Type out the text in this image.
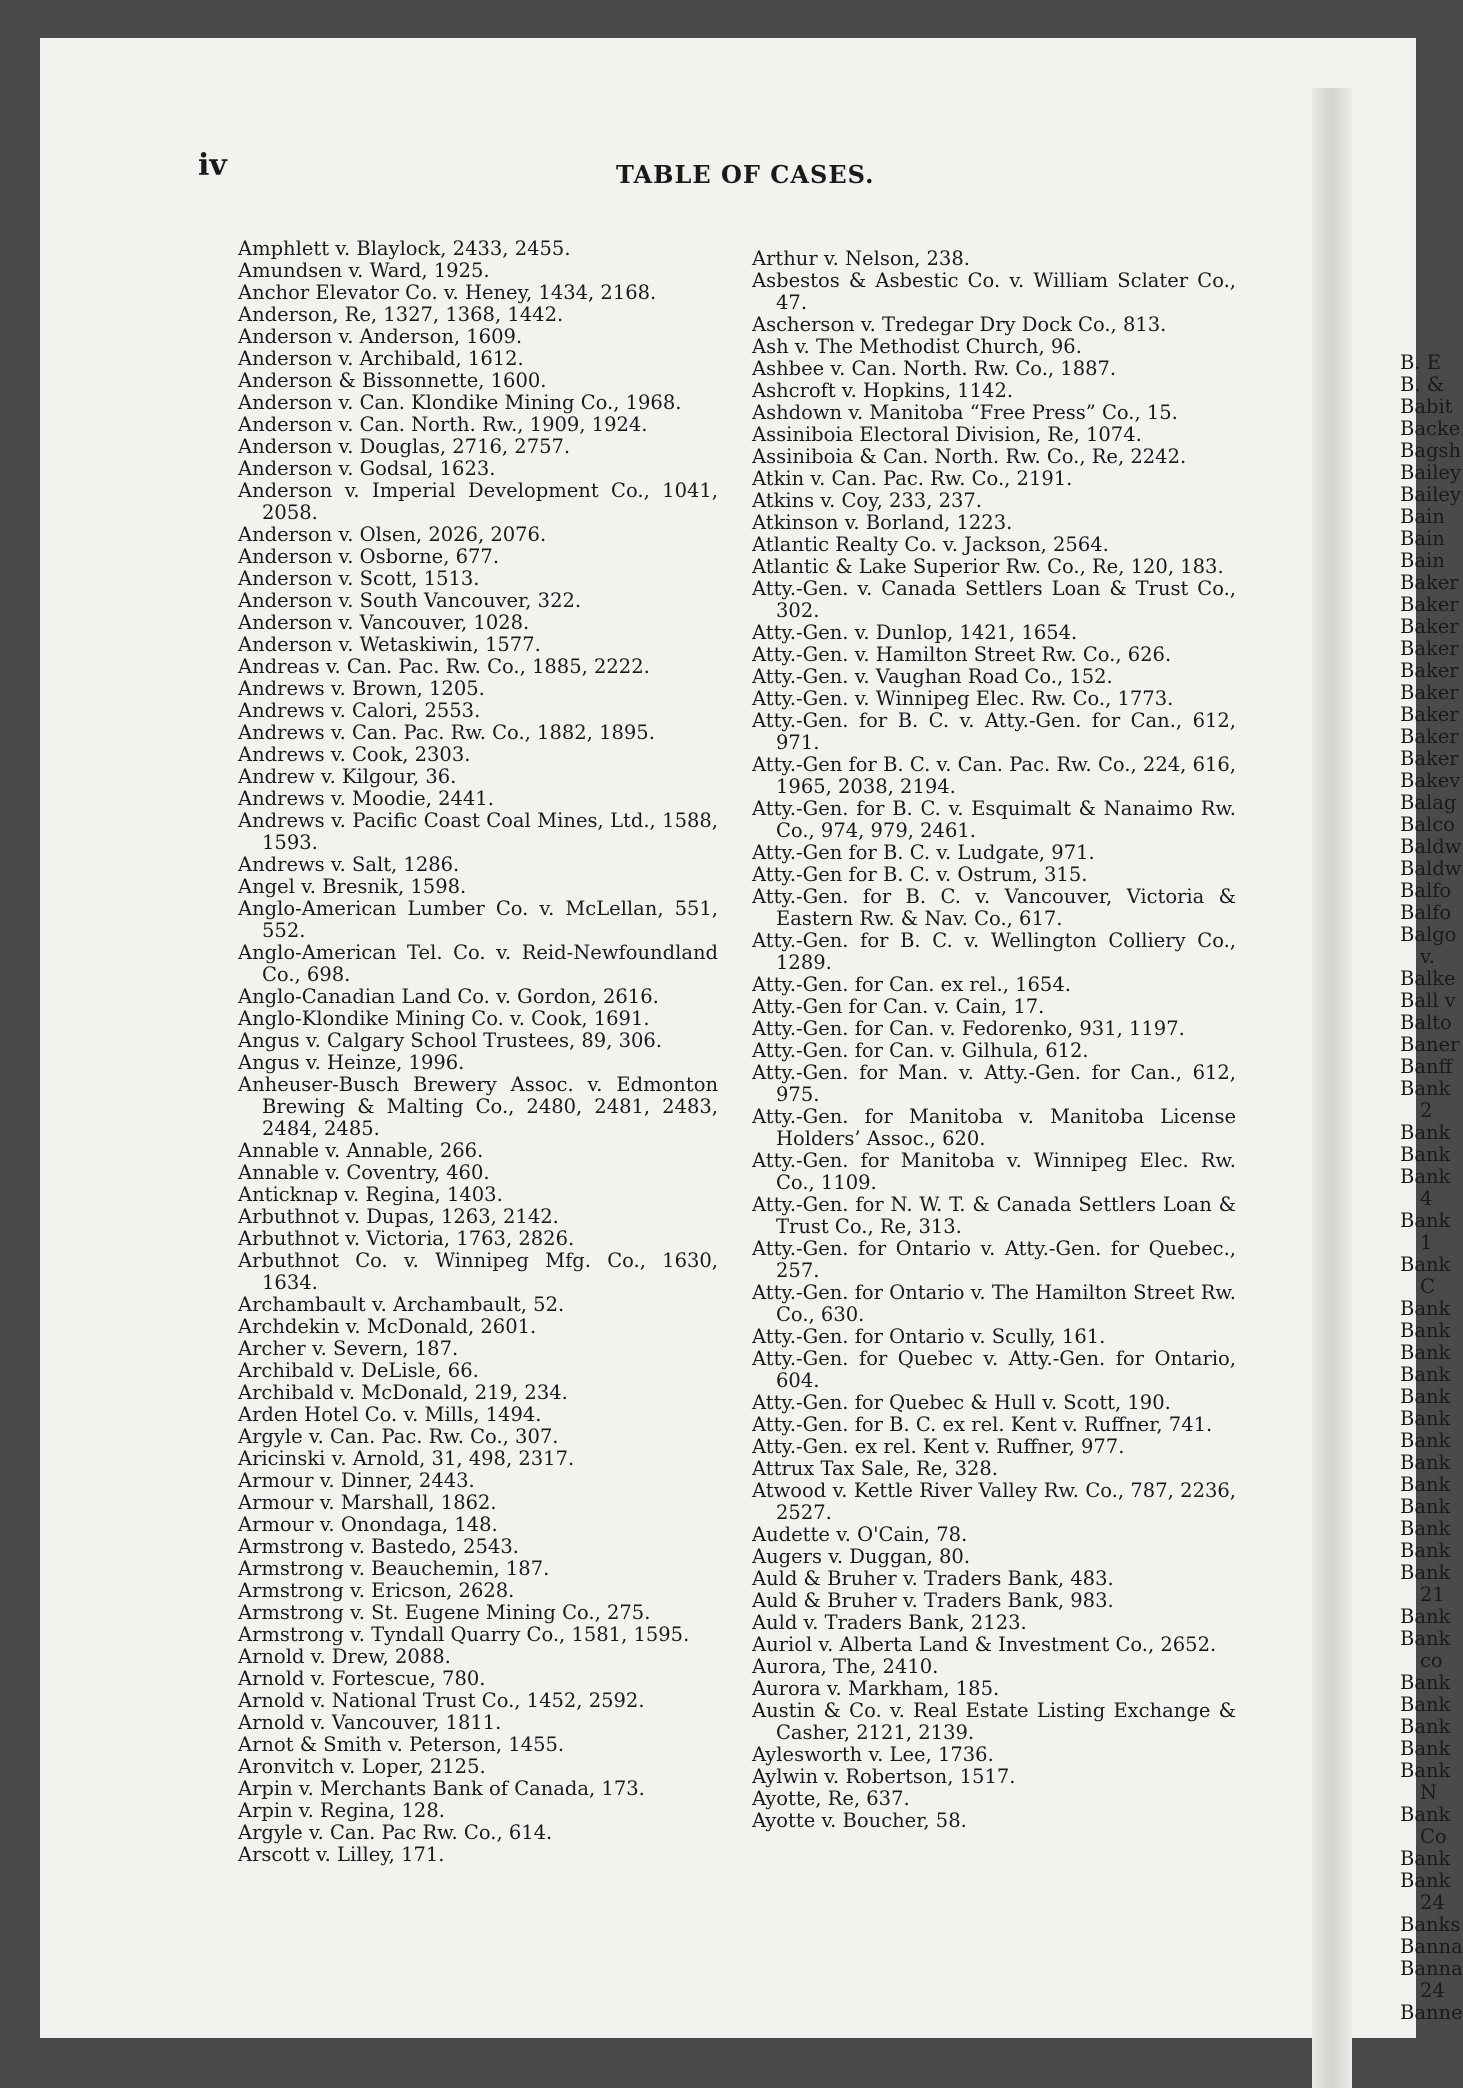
iv	TABLE OF CASES.

Amphlett v. Blaylock, 2433, 2455.

Amundsen v. Ward, 1925.

Anchor Elevator Co. v. Heney, 1434, 2168.

Anderson, Re, 1327, 1368, 1442.

Anderson v. Anderson, 1609.

Anderson v. Archibald, 1612.

Anderson & Bissonnette, 1600.

Anderson v. Can. Klondike Mining Co., 1968.

Anderson v. Can. North. Rw., 1909, 1924.

Anderson v. Douglas, 2716, 2757.

Anderson v. Godsal, 1623.

Anderson v. Imperial Development Co., 1041, 2058.

Anderson v. Olsen, 2026, 2076.

Anderson v. Osborne, 677.

Anderson v. Scott, 1513.

Anderson v. South Vancouver, 322.

Anderson v. Vancouver, 1028.

Anderson v. Wetaskiwin, 1577.

Andreas v. Can. Pac. Rw. Co., 1885, 2222.

Andrews v. Brown, 1205.

Andrews v. Calori, 2553.

Andrews v. Can. Pac. Rw. Co., 1882, 1895.

Andrews v. Cook, 2303.

Andrew v. Kilgour, 36.

Andrews v. Moodie, 2441.

Andrews v. Pacific Coast Coal Mines, Ltd., 1588, 1593.

Andrews v. Salt, 1286.

Angel v. Bresnik, 1598.

Anglo-American Lumber Co. v. McLellan, 551, 552.

Anglo-American Tel. Co. v. Reid-Newfoundland Co., 698.

Anglo-Canadian Land Co. v. Gordon, 2616.

Anglo-Klondike Mining Co. v. Cook, 1691.

Angus v. Calgary School Trustees, 89, 306.

Angus v. Heinze, 1996.

Anheuser-Busch Brewery Assoc. v. Edmonton Brewing & Malting Co., 2480, 2481, 2483, 2484, 2485.

Annable v. Annable, 266.

Annable v. Coventry, 460.

Anticknap v. Regina, 1403.

Arbuthnot v. Dupas, 1263, 2142.

Arbuthnot v. Victoria, 1763, 2826.

Arbuthnot Co. v. Winnipeg Mfg. Co., 1630, 1634.

Archambault v. Archambault, 52.

Archdekin v. McDonald, 2601.

Archer v. Severn, 187.

Archibald v. DeLisle, 66.

Archibald v. McDonald, 219, 234.

Arden Hotel Co. v. Mills, 1494.

Argyle v. Can. Pac. Rw. Co., 307.

Aricinski v. Arnold, 31, 498, 2317.

Armour v. Dinner, 2443.

Armour v. Marshall, 1862.

Armour v. Onondaga, 148.

Armstrong v. Bastedo, 2543.

Armstrong v. Beauchemin, 187.

Armstrong v. Ericson, 2628.

Armstrong v. St. Eugene Mining Co., 275.

Armstrong v. Tyndall Quarry Co., 1581, 1595.

Arnold v. Drew, 2088.

Arnold v. Fortescue, 780.

Arnold v. National Trust Co., 1452, 2592.

Arnold v. Vancouver, 1811.

Arnot & Smith v. Peterson, 1455.

Aronvitch v. Loper, 2125.

Arpin v. Merchants Bank of Canada, 173.

Arpin v. Regina, 128.

Argyle v. Can. Pac Rw. Co., 614.

Arscott v. Lilley, 171.

Arthur v. Nelson, 238.

Asbestos & Asbestic Co. v. William Sclater Co., 47.

Ascherson v. Tredegar Dry Dock Co., 813.

Ash v. The Methodist Church, 96.

Ashbee v. Can. North. Rw. Co., 1887.

Ashcroft v. Hopkins, 1142.

Ashdown v. Manitoba “Free Press” Co., 15.

Assiniboia Electoral Division, Re, 1074.

Assiniboia & Can. North. Rw. Co., Re, 2242.

Atkin v. Can. Pac. Rw. Co., 2191.

Atkins v. Coy, 233, 237.

Atkinson v. Borland, 1223.

Atlantic Realty Co. v. Jackson, 2564.

Atlantic & Lake Superior Rw. Co., Re, 120, 183.

Atty.-Gen. v. Canada Settlers Loan & Trust Co., 302.

Atty.-Gen. v. Dunlop, 1421, 1654.

Atty.-Gen. v. Hamilton Street Rw. Co., 626.

Atty.-Gen. v. Vaughan Road Co., 152.

Atty.-Gen. v. Winnipeg Elec. Rw. Co., 1773.

Atty.-Gen. for B. C. v. Atty.-Gen. for Can., 612, 971.

Atty.-Gen for B. C. v. Can. Pac. Rw. Co., 224, 616, 1965, 2038, 2194.

Atty.-Gen. for B. C. v. Esquimalt & Nanaimo Rw. Co., 974, 979, 2461.

Atty.-Gen for B. C. v. Ludgate, 971.

Atty.-Gen for B. C. v. Ostrum, 315.

Atty.-Gen. for B. C. v. Vancouver, Victoria & Eastern Rw. & Nav. Co., 617.

Atty.-Gen. for B. C. v. Wellington Colliery Co., 1289.

Atty.-Gen. for Can. ex rel., 1654.

Atty.-Gen for Can. v. Cain, 17.

Atty.-Gen. for Can. v. Fedorenko, 931, 1197.

Atty.-Gen. for Can. v. Gilhula, 612.

Atty.-Gen. for Man. v. Atty.-Gen. for Can., 612, 975.

Atty.-Gen. for Manitoba v. Manitoba License Holders’ Assoc., 620.

Atty.-Gen. for Manitoba v. Winnipeg Elec. Rw. Co., 1109.

Atty.-Gen. for N. W. T. & Canada Settlers Loan & Trust Co., Re, 313.

Atty.-Gen. for Ontario v. Atty.-Gen. for Quebec., 257.

Atty.-Gen. for Ontario v. The Hamilton Street Rw. Co., 630.

Atty.-Gen. for Ontario v. Scully, 161.

Atty.-Gen. for Quebec v. Atty.-Gen. for Ontario, 604.

Atty.-Gen. for Quebec & Hull v. Scott, 190.

Atty.-Gen. for B. C. ex rel. Kent v. Ruffner, 741.

Atty.-Gen. ex rel. Kent v. Ruffner, 977.

Attrux Tax Sale, Re, 328.

Atwood v. Kettle River Valley Rw. Co., 787, 2236, 2527.

Audette v. O'Cain, 78.

Augers v. Duggan, 80.

Auld & Bruher v. Traders Bank, 483.

Auld & Bruher v. Traders Bank, 983.

Auld v. Traders Bank, 2123.

Auriol v. Alberta Land & Investment Co., 2652.

Aurora, The, 2410.

Aurora v. Markham, 185.

Austin & Co. v. Real Estate Listing Exchange & Casher, 2121, 2139.

Aylesworth v. Lee, 1736.

Aylwin v. Robertson, 1517.

Ayotte, Re, 637.

Ayotte v. Boucher, 58.

B. E

B. &

Babit

Backe

Bagsh

Bailey

Bailey

Bain

Bain

Bain

Baker

Baker

Baker

Baker

Baker

Baker

Baker

Baker

Baker

Bakev

Balag

Balco

Baldw

Baldw

Balfo

Balfo

Balgo

v.

Balke

Ball v

Balto

Baner

Banff

Bank

2

Bank

Bank

Bank

4

Bank

1

Bank

C

Bank

Bank

Bank

Bank

Bank

Bank

Bank

Bank

Bank

Bank

Bank

Bank

Bank

21

Bank

Bank

co

Bank

Bank

Bank

Bank

Bank

N

Bank

Co

Bank

Bank

24

Banks

Banna

Banna

24

Banne
